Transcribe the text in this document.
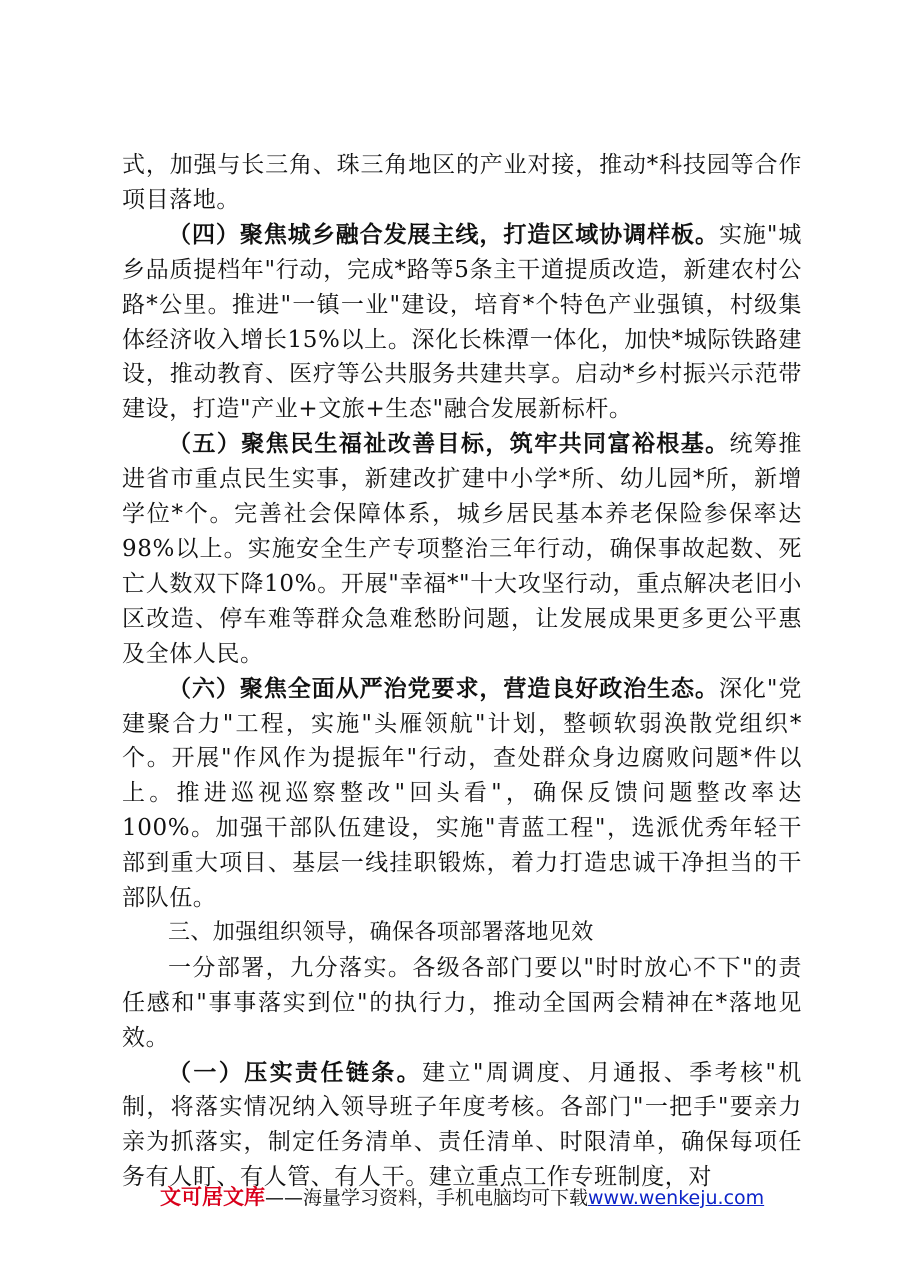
式，加强与长三角、珠三角地区的产业对接，推动*科技园等合作项目落地。

（四）聚焦城乡融合发展主线，打造区域协调样板。实施"城乡品质提档年"行动，完成*路等5条主干道提质改造，新建农村公路*公里。推进"一镇一业"建设，培育*个特色产业强镇，村级集体经济收入增长15%以上。深化长株潭一体化，加快*城际铁路建设，推动教育、医疗等公共服务共建共享。启动*乡村振兴示范带建设，打造"产业+文旅+生态"融合发展新标杆。

（五）聚焦民生福祉改善目标，筑牢共同富裕根基。统筹推进省市重点民生实事，新建改扩建中小学*所、幼儿园*所，新增学位*个。完善社会保障体系，城乡居民基本养老保险参保率达98%以上。实施安全生产专项整治三年行动，确保事故起数、死亡人数双下降10%。开展"幸福*"十大攻坚行动，重点解决老旧小区改造、停车难等群众急难愁盼问题，让发展成果更多更公平惠及全体人民。

（六）聚焦全面从严治党要求，营造良好政治生态。深化"党建聚合力"工程，实施"头雁领航"计划，整顿软弱涣散党组织*个。开展"作风作为提振年"行动，查处群众身边腐败问题*件以上。推进巡视巡察整改"回头看"，确保反馈问题整改率达100%。加强干部队伍建设，实施"青蓝工程"，选派优秀年轻干部到重大项目、基层一线挂职锻炼，着力打造忠诚干净担当的干部队伍。

三、加强组织领导，确保各项部署落地见效

一分部署，九分落实。各级各部门要以"时时放心不下"的责任感和"事事落实到位"的执行力，推动全国两会精神在*落地见效。

（一）压实责任链条。建立"周调度、月通报、季考核"机制，将落实情况纳入领导班子年度考核。各部门"一把手"要亲力亲为抓落实，制定任务清单、责任清单、时限清单，确保每项任务有人盯、有人管、有人干。建立重点工作专班制度，对

文可居文库——海量学习资料，手机电脑均可下载www.wenkeju.com
